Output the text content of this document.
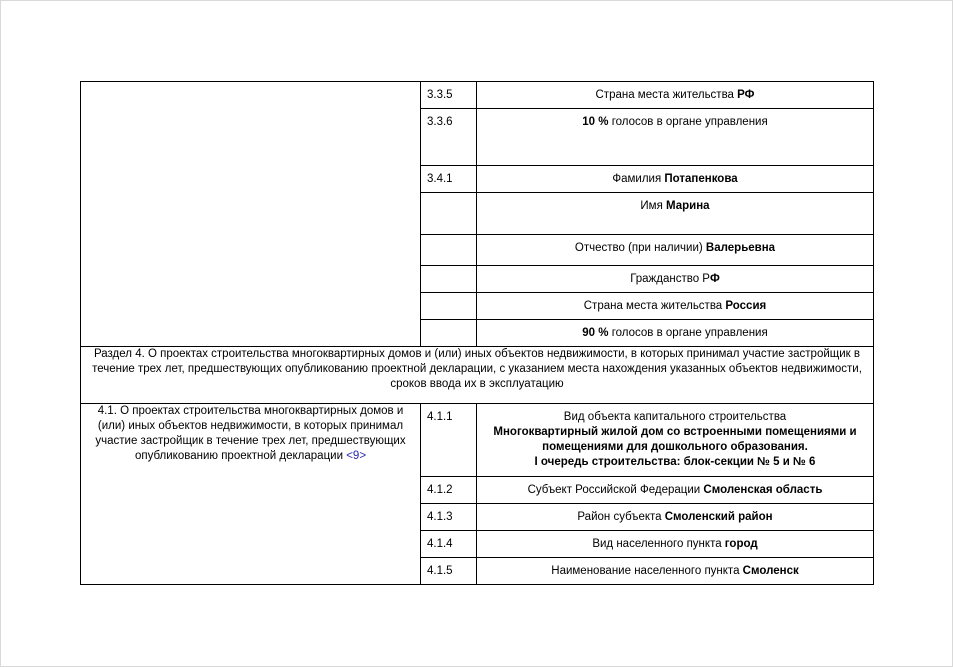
	3.3.5	Страна места жительства РФ
	3.3.6	10 % голосов в органе управления
	3.4.1	Фамилия Потапенкова
		Имя Марина
		Отчество (при наличии) Валерьевна
		Гражданство РФ
		Страна места жительства Россия
		90 % голосов в органе управления
Раздел 4. О проектах строительства многоквартирных домов и (или) иных объектов недвижимости, в которых принимал участие застройщик в течение трех лет, предшествующих опубликованию проектной декларации, с указанием места нахождения указанных объектов недвижимости, сроков ввода их в эксплуатацию		
4.1. О проектах строительства многоквартирных домов и (или) иных объектов недвижимости, в которых принимал участие застройщик в течение трех лет, предшествующих опубликованию проектной декларации <9>	4.1.1	Вид объекта капитального строительства
Многоквартирный жилой дом со встроенными помещениями и помещениями для дошкольного образования.
I очередь строительства: блок-секции № 5 и № 6

	4.1.2	Субъект Российской Федерации Смоленская область
	4.1.3	Район субъекта Смоленский район
	4.1.4	Вид населенного пункта город
	4.1.5	Наименование населенного пункта Смоленск
